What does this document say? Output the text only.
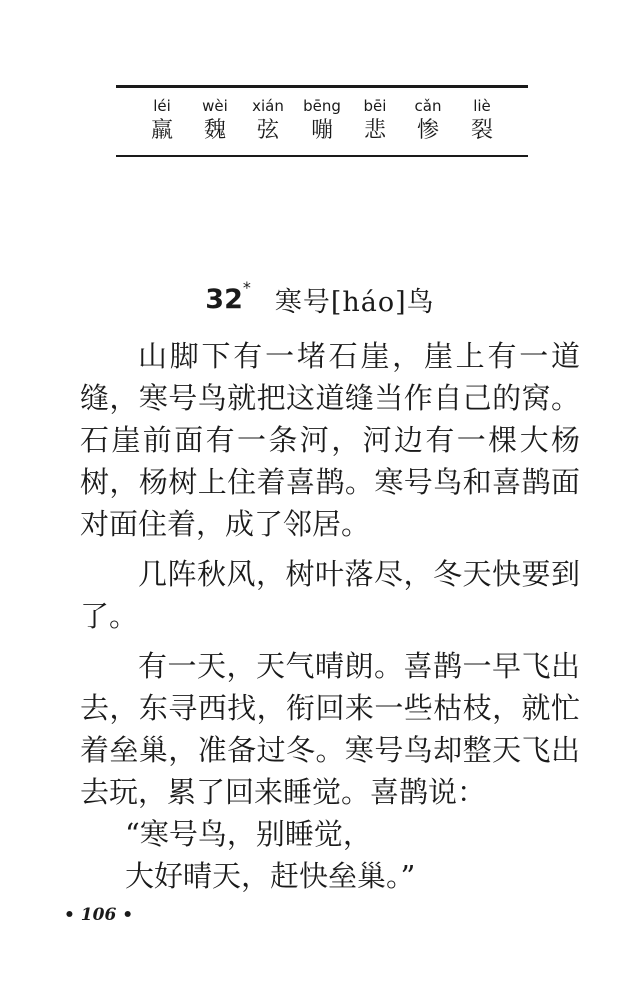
léi
羸
wèi
魏
xián
弦
bēng
嘣
bēi
悲
cǎn
惨
liè
裂
32* 寒号[háo]鸟

山脚下有一堵石崖，崖上有一道缝，寒号鸟就把这道缝当作自己的窝。石崖前面有一条河，河边有一棵大杨树，杨树上住着喜鹊。寒号鸟和喜鹊面对面住着，成了邻居。

几阵秋风，树叶落尽，冬天快要到了。

有一天，天气晴朗。喜鹊一早飞出去，东寻西找，衔回来一些枯枝，就忙着垒巢，准备过冬。寒号鸟却整天飞出去玩，累了回来睡觉。喜鹊说：

“寒号鸟，别睡觉，

大好晴天，赶快垒巢。”

• 106 •
